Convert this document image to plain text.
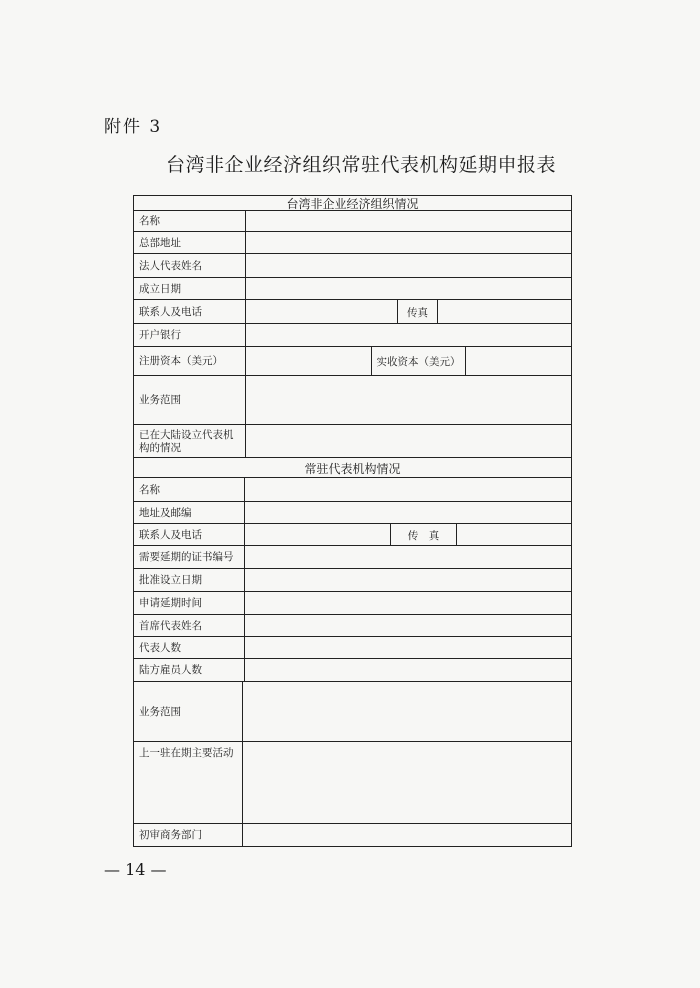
附件 3
台湾非企业经济组织常驻代表机构延期申报表
台湾非企业经济组织情况
名称
总部地址
法人代表姓名
成立日期
联系人及电话	传真
开户银行
注册资本（美元）	实收资本（美元）
业务范围
已在大陆设立代表机构的情况
常驻代表机构情况
名称
地址及邮编
联系人及电话	传　真
需要延期的证书编号
批准设立日期
申请延期时间
首席代表姓名
代表人数
陆方雇员人数
业务范围
上一驻在期主要活动
初审商务部门
— 14 —
